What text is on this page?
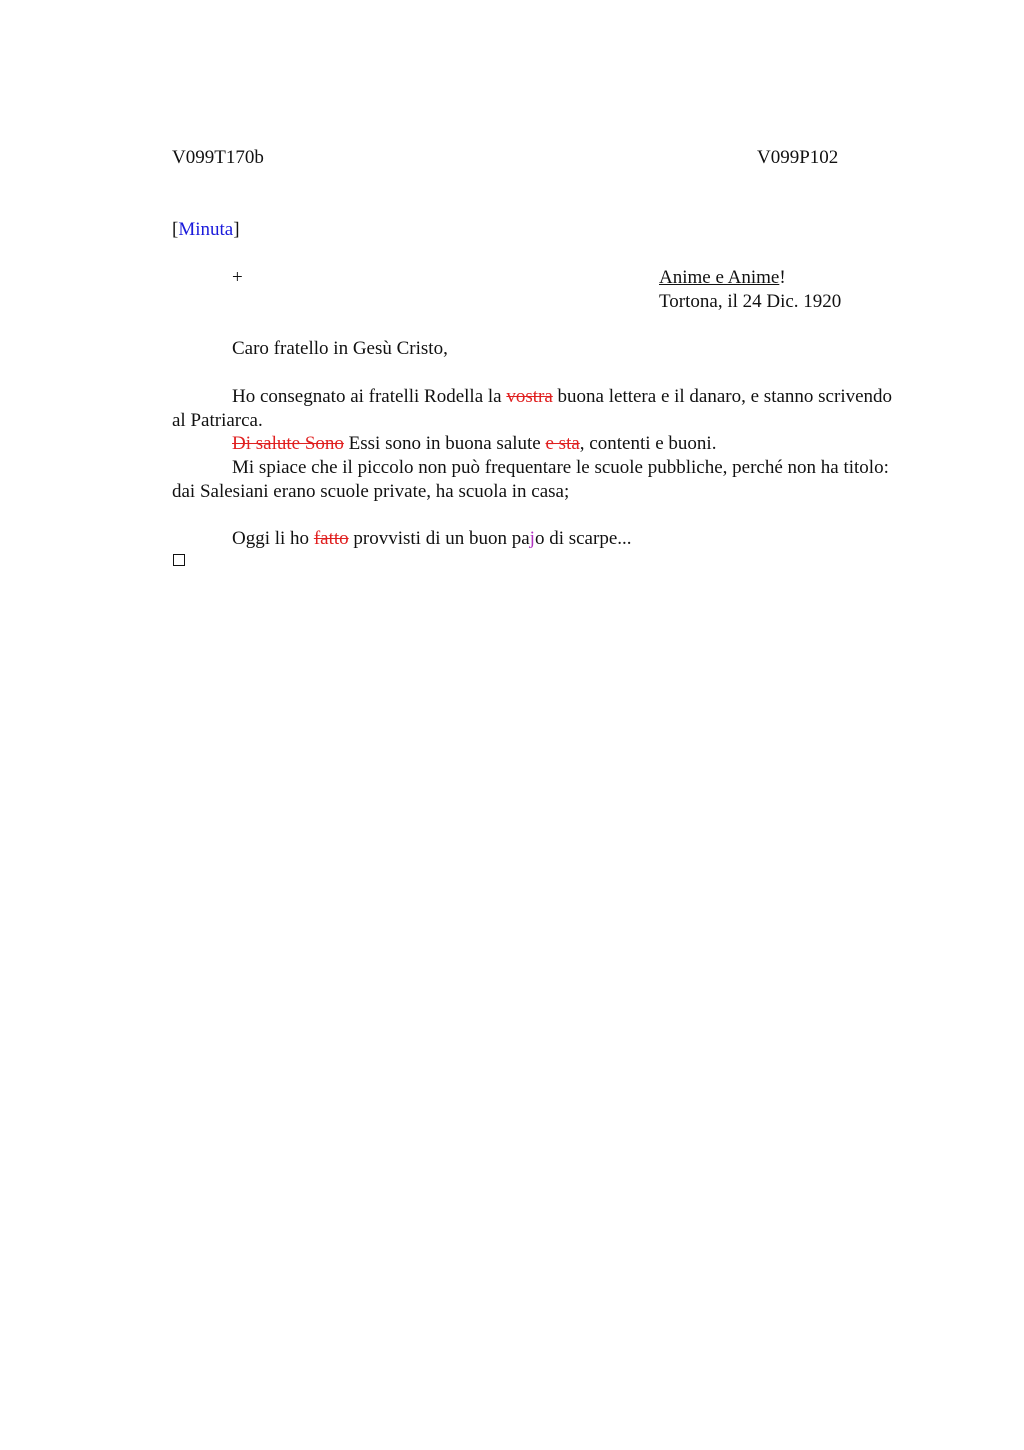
V099T170b	V099P102
[Minuta]
+	Anime e Anime!
Tortona, il 24 Dic. 1920
Caro fratello in Gesù Cristo,
Ho consegnato ai fratelli Rodella la vostra buona lettera e il danaro, e stanno scrivendo al Patriarca.
Di salute Sono Essi sono in buona salute e sta, contenti e buoni.
Mi spiace che il piccolo non può frequentare le scuole pubbliche, perché non ha titolo: dai Salesiani erano scuole private, ha scuola in casa;
Oggi li ho fatto provvisti di un buon pajo di scarpe...
